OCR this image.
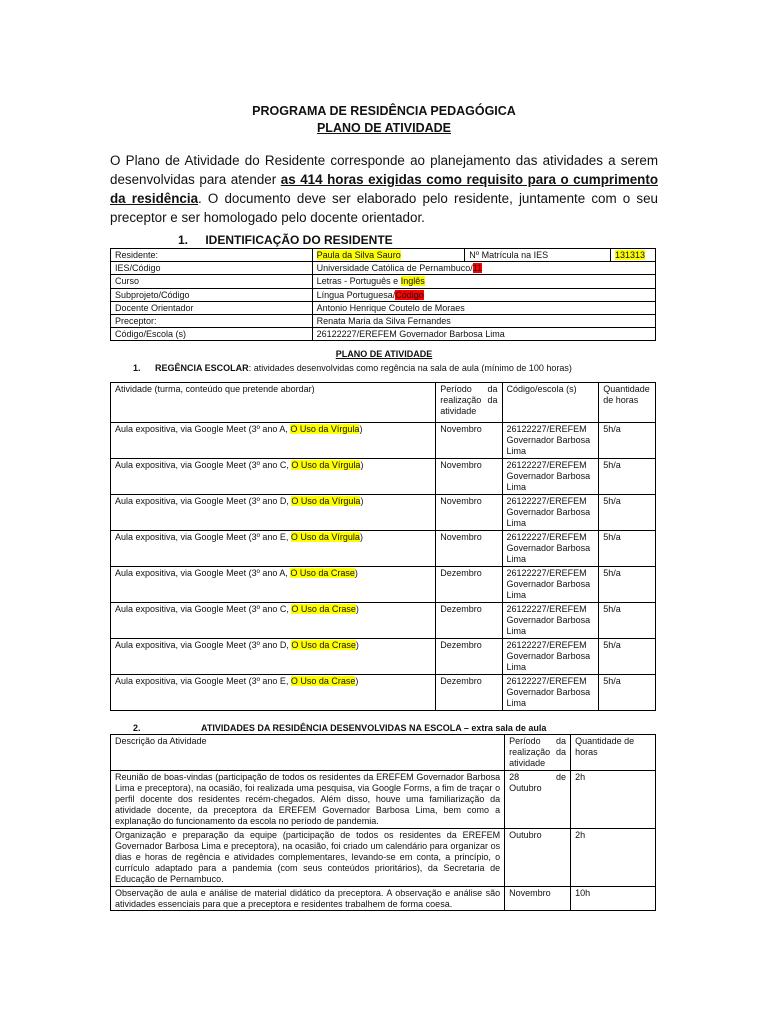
PROGRAMA DE RESIDÊNCIA PEDAGÓGICA
PLANO DE ATIVIDADE
O Plano de Atividade do Residente corresponde ao planejamento das atividades a serem desenvolvidas para atender as 414 horas exigidas como requisito para o cumprimento da residência. O documento deve ser elaborado pelo residente, juntamente com o seu preceptor e ser homologado pelo docente orientador.
1. IDENTIFICAÇÃO DO RESIDENTE
Residente:	Paula da Silva Sauro	Nº Matrícula na IES	131313
IES/Código	Universidade Católica de Pernambuco/11		
Curso	Letras - Português e Inglês		
Subprojeto/Código	Língua Portuguesa/Código		
Docente Orientador	Antonio Henrique Coutelo de Moraes		
Preceptor:	Renata Maria da Silva Fernandes		
Código/Escola (s)	26122227/EREFEM Governador Barbosa Lima		
PLANO DE ATIVIDADE
1. REGÊNCIA ESCOLAR: atividades desenvolvidas como regência na sala de aula (mínimo de 100 horas)
Atividade (turma, conteúdo que pretende abordar)	Período da realização da atividade	Código/escola (s)	Quantidade de horas
Aula expositiva, via Google Meet (3º ano A, O Uso da Vírgula)	Novembro	26122227/EREFEM Governador Barbosa Lima	5h/a
Aula expositiva, via Google Meet (3º ano C, O Uso da Vírgula)	Novembro	26122227/EREFEM Governador Barbosa Lima	5h/a
Aula expositiva, via Google Meet (3º ano D, O Uso da Vírgula)	Novembro	26122227/EREFEM Governador Barbosa Lima	5h/a
Aula expositiva, via Google Meet (3º ano E, O Uso da Vírgula)	Novembro	26122227/EREFEM Governador Barbosa Lima	5h/a
Aula expositiva, via Google Meet (3º ano A, O Uso da Crase)	Dezembro	26122227/EREFEM Governador Barbosa Lima	5h/a
Aula expositiva, via Google Meet (3º ano C, O Uso da Crase)	Dezembro	26122227/EREFEM Governador Barbosa Lima	5h/a
Aula expositiva, via Google Meet (3º ano D, O Uso da Crase)	Dezembro	26122227/EREFEM Governador Barbosa Lima	5h/a
Aula expositiva, via Google Meet (3º ano E, O Uso da Crase)	Dezembro	26122227/EREFEM Governador Barbosa Lima	5h/a
2.	ATIVIDADES DA RESIDÊNCIA DESENVOLVIDAS NA ESCOLA – extra sala de aula
Descrição da Atividade	Período da realização da atividade	Quantidade de horas
Reunião de boas-vindas (participação de todos os residentes da EREFEM Governador Barbosa Lima e preceptora), na ocasião, foi realizada uma pesquisa, via Google Forms, a fim de traçar o perfil docente dos residentes recém-chegados. Além disso, houve uma familiarização da atividade docente, da preceptora da EREFEM Governador Barbosa Lima, bem como a explanação do funcionamento da escola no período de pandemia.	28 de Outubro	2h
Organização e preparação da equipe (participação de todos os residentes da EREFEM Governador Barbosa Lima e preceptora), na ocasião, foi criado um calendário para organizar os dias e horas de regência e atividades complementares, levando-se em conta, a princípio, o currículo adaptado para a pandemia (com seus conteúdos prioritários), da Secretaria de Educação de Pernambuco.	Outubro	2h
Observação de aula e análise de material didático da preceptora. A observação e análise são atividades essenciais para que a preceptora e residentes trabalhem de forma coesa.	Novembro	10h
